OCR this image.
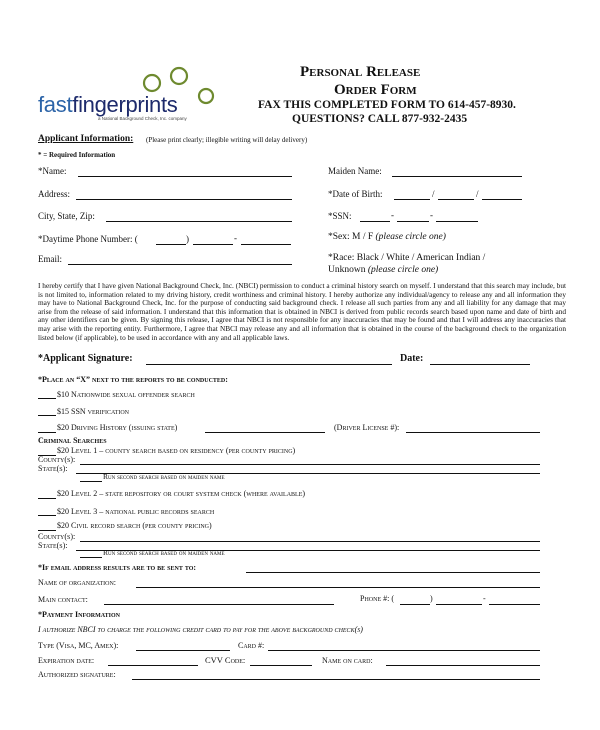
fastfingerprints
a National Background Check, Inc. company
Personal Release
Order Form
FAX THIS COMPLETED FORM TO 614-457-8930.
QUESTIONS? CALL 877-932-2435
Applicant Information: (Please print clearly; illegible writing will delay delivery)
* = Required Information
*Name:
Address:
City, State, Zip:
*Daytime Phone Number: (	)	-
Email:
Maiden Name:
*Date of Birth:	/	/
*SSN:	-	-
*Sex: M / F (please circle one)
*Race: Black / White / American Indian /
Unknown (please circle one)
I hereby certify that I have given National Background Check, Inc. (NBCI) permission to conduct a criminal history search on myself. I understand that this search may include, but is not limited to, information related to my driving history, credit worthiness and criminal history. I hereby authorize any individual/agency to release any and all information they may have to National Background Check, Inc. for the purpose of conducting said background check. I release all such parties from any and all liability for any damage that may arise from the release of said information. I understand that this information that is obtained in NBCI is derived from public records search based upon name and date of birth and any other identifiers can be given. By signing this release, I agree that NBCI is not responsible for any inaccuracies that may be found and that I will address any inaccuracies that may arise with the reporting entity. Furthermore, I agree that NBCI may release any and all information that is obtained in the course of the background check to the organization listed below (if applicable), to be used in accordance with any and all applicable laws.
*Applicant Signature:	Date:
*Place an “X” next to the reports to be conducted:
$10 Nationwide sexual offender search
$15 SSN verification
$20 Driving History (issuing state)	(Driver License #):
Criminal Searches
$20 Level 1 – county search based on residency (per county pricing)
County(s):
State(s):
Run second search based on maiden name
$20 Level 2 – state repository or court system check (where available)
$20 Level 3 – national public records search
$20 Civil record search (per county pricing)
County(s):
State(s):
Run second search based on maiden name
*If email address results are to be sent to:
Name of organization:
Main contact:	Phone #: (	)	-
*Payment Information
I authorize NBCI to charge the following credit card to pay for the above background check(s)
Type (Visa, MC, Amex):	Card #:
Expiration date:	CVV Code:	Name on card:
Authorized signature:
